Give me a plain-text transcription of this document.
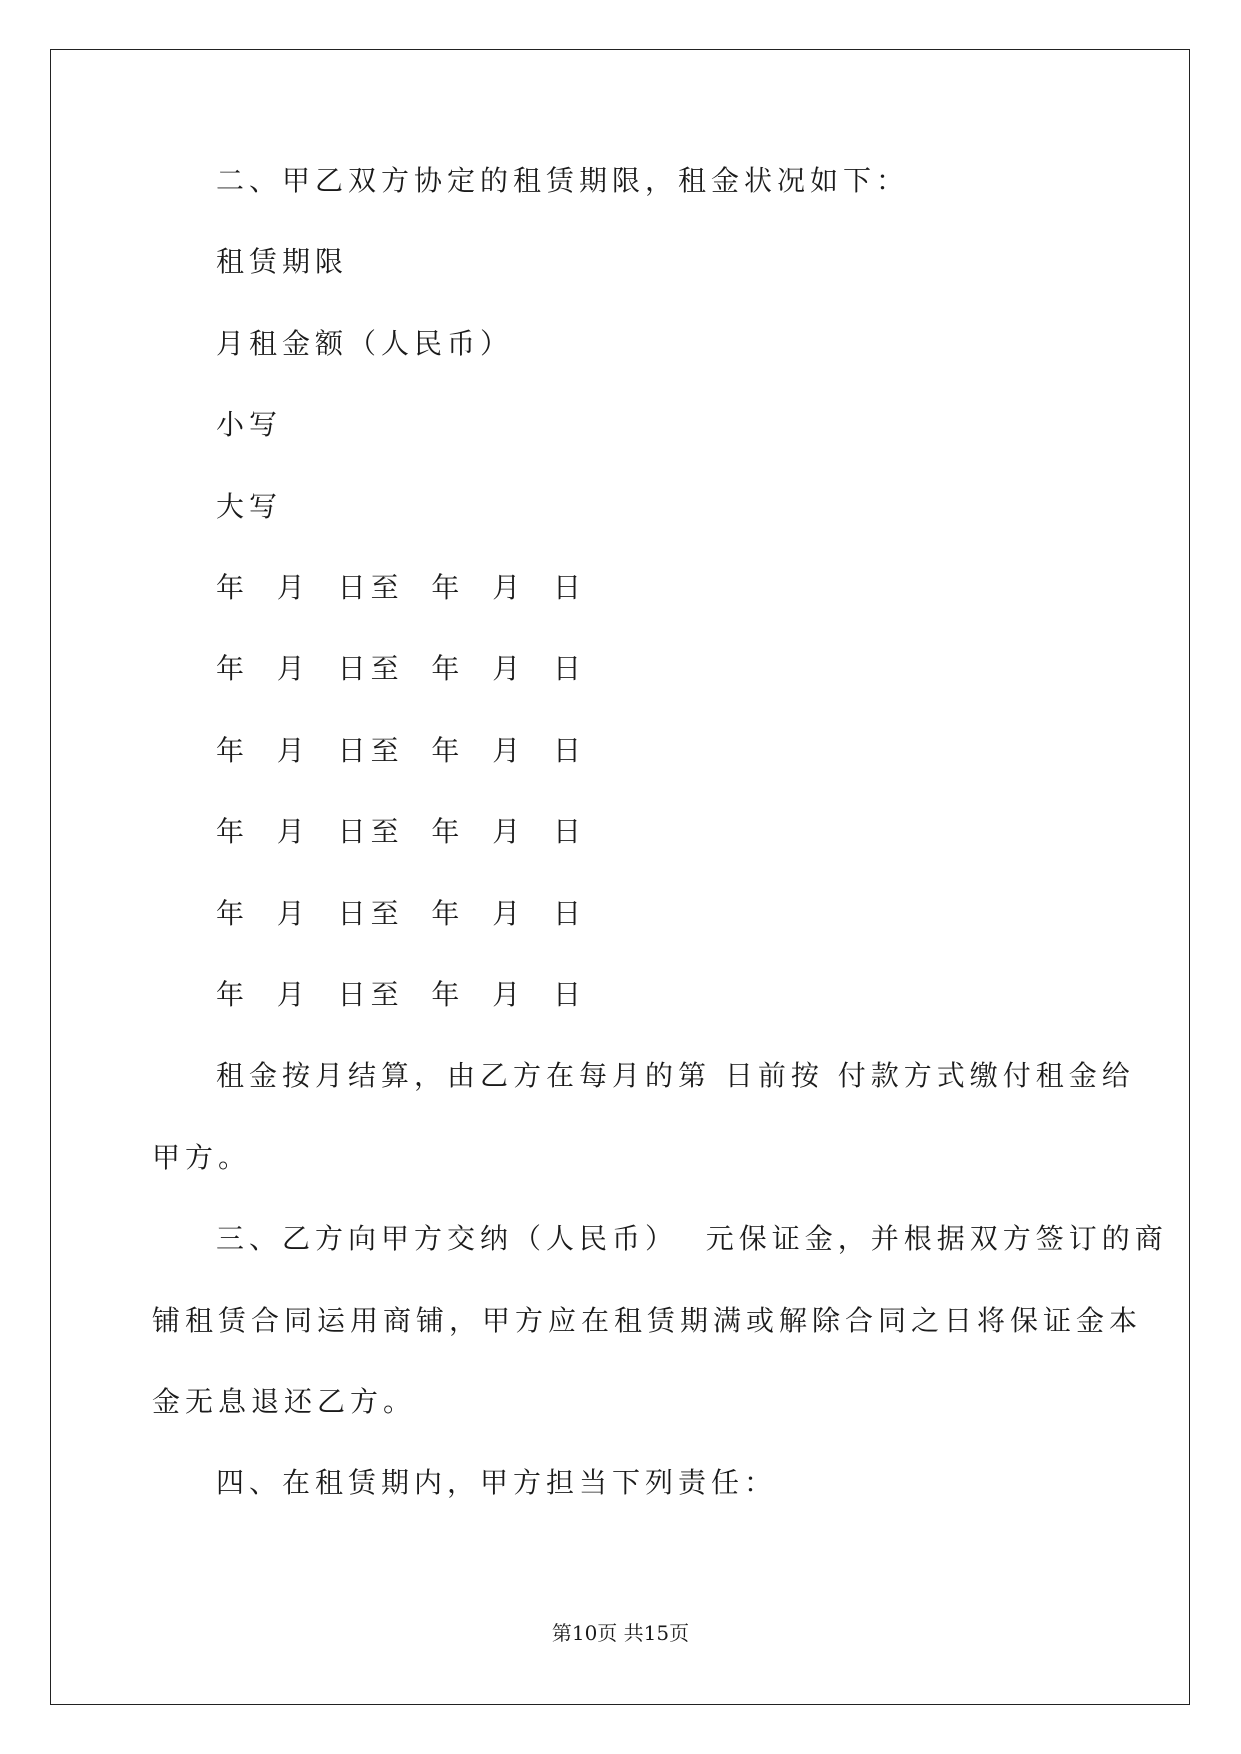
二、甲乙双方协定的租赁期限，租金状况如下：
租赁期限
月租金额（人民币）
小写
大写
年  月  日至  年  月  日
年  月  日至  年  月  日
年  月  日至  年  月  日
年  月  日至  年  月  日
年  月  日至  年  月  日
年  月  日至  年  月  日
租金按月结算，由乙方在每月的第 日前按 付款方式缴付租金给
甲方。
三、乙方向甲方交纳（人民币）  元保证金，并根据双方签订的商
铺租赁合同运用商铺，甲方应在租赁期满或解除合同之日将保证金本
金无息退还乙方。
四、在租赁期内，甲方担当下列责任：
第10页 共15页
